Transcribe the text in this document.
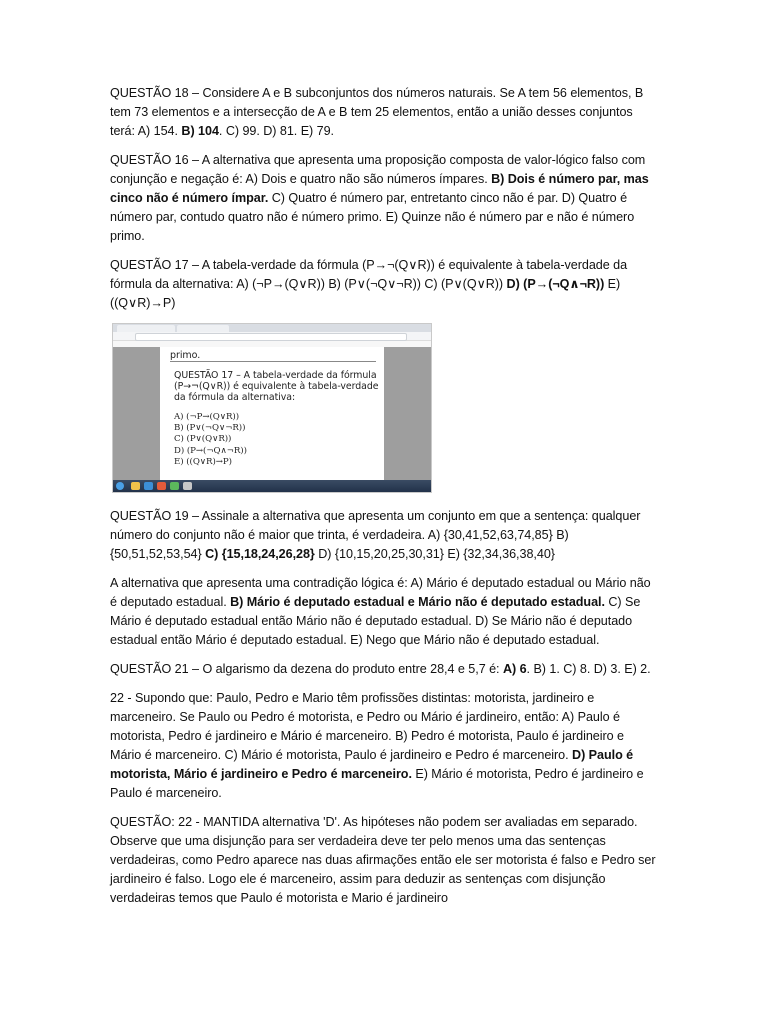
QUESTÃO 18 – Considere A e B subconjuntos dos números naturais. Se A tem 56 elementos, B tem 73 elementos e a intersecção de A e B tem 25 elementos, então a união desses conjuntos terá: A) 154. B) 104. C) 99. D) 81. E) 79.

QUESTÃO 16 – A alternativa que apresenta uma proposição composta de valor-lógico falso com conjunção e negação é: A) Dois e quatro não são números ímpares. B) Dois é número par, mas cinco não é número ímpar. C) Quatro é número par, entretanto cinco não é par. D) Quatro é número par, contudo quatro não é número primo. E) Quinze não é número par e não é número primo.

QUESTÃO 17 – A tabela-verdade da fórmula (P→¬(Q∨R)) é equivalente à tabela-verdade da fórmula da alternativa: A) (¬P→(Q∨R)) B) (P∨(¬Q∨¬R)) C) (P∨(Q∨R)) D) (P→(¬Q∧¬R)) E) ((Q∨R)→P)

primo.
QUESTÃO 17 – A tabela-verdade da fórmula (P→¬(Q∨R)) é equivalente à tabela-verdade da fórmula da alternativa:
A) (¬P→(Q∨R))
B) (P∨(¬Q∨¬R))
C) (P∨(Q∨R))
D) (P→(¬Q∧¬R))
E) ((Q∨R)→P)

QUESTÃO 19 – Assinale a alternativa que apresenta um conjunto em que a sentença: qualquer número do conjunto não é maior que trinta, é verdadeira. A) {30,41,52,63,74,85} B) {50,51,52,53,54} C) {15,18,24,26,28} D) {10,15,20,25,30,31} E) {32,34,36,38,40}

A alternativa que apresenta uma contradição lógica é: A) Mário é deputado estadual ou Mário não é deputado estadual. B) Mário é deputado estadual e Mário não é deputado estadual. C) Se Mário é deputado estadual então Mário não é deputado estadual. D) Se Mário não é deputado estadual então Mário é deputado estadual. E) Nego que Mário não é deputado estadual.

QUESTÃO 21 – O algarismo da dezena do produto entre 28,4 e 5,7 é: A) 6. B) 1. C) 8. D) 3. E) 2.

22 - Supondo que: Paulo, Pedro e Mario têm profissões distintas: motorista, jardineiro e marceneiro. Se Paulo ou Pedro é motorista, e Pedro ou Mário é jardineiro, então: A) Paulo é motorista, Pedro é jardineiro e Mário é marceneiro. B) Pedro é motorista, Paulo é jardineiro e Mário é marceneiro. C) Mário é motorista, Paulo é jardineiro e Pedro é marceneiro. D) Paulo é motorista, Mário é jardineiro e Pedro é marceneiro. E) Mário é motorista, Pedro é jardineiro e Paulo é marceneiro.

QUESTÃO: 22 - MANTIDA alternativa 'D'. As hipóteses não podem ser avaliadas em separado. Observe que uma disjunção para ser verdadeira deve ter pelo menos uma das sentenças verdadeiras, como Pedro aparece nas duas afirmações então ele ser motorista é falso e Pedro ser jardineiro é falso. Logo ele é marceneiro, assim para deduzir as sentenças com disjunção verdadeiras temos que Paulo é motorista e Mario é jardineiro
